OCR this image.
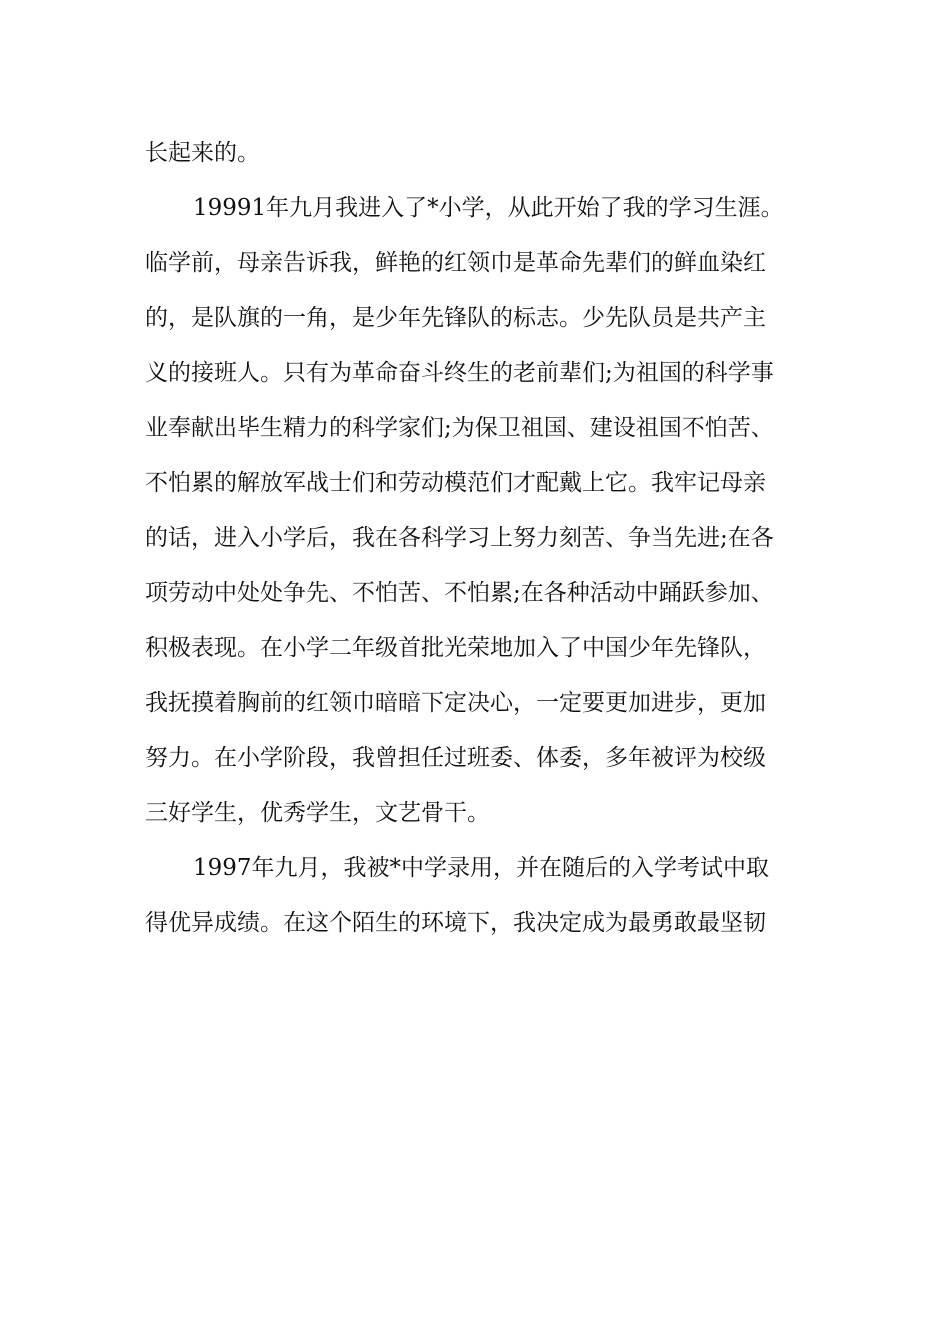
长起来的。
19991年九月我进入了*小学，从此开始了我的学习生涯。
临学前，母亲告诉我，鲜艳的红领巾是革命先辈们的鲜血染红
的，是队旗的一角，是少年先锋队的标志。少先队员是共产主
义的接班人。只有为革命奋斗终生的老前辈们;为祖国的科学事
业奉献出毕生精力的科学家们;为保卫祖国、建设祖国不怕苦、
不怕累的解放军战士们和劳动模范们才配戴上它。我牢记母亲
的话，进入小学后，我在各科学习上努力刻苦、争当先进;在各
项劳动中处处争先、不怕苦、不怕累;在各种活动中踊跃参加、
积极表现。在小学二年级首批光荣地加入了中国少年先锋队，
我抚摸着胸前的红领巾暗暗下定决心，一定要更加进步，更加
努力。在小学阶段，我曾担任过班委、体委，多年被评为校级
三好学生，优秀学生，文艺骨干。
1997年九月，我被*中学录用，并在随后的入学考试中取
得优异成绩。在这个陌生的环境下，我决定成为最勇敢最坚韧
